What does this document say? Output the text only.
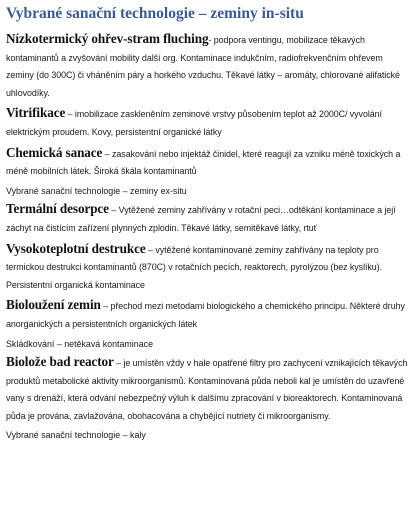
Vybrané sanační technologie – zeminy in-situ

Nízkotermický ohřev-stram fluching- podpora ventingu, mobilizace těkavých kontaminantů a zvyšování mobility další org. Kontaminace indukčním, radiofrekvenčním ohřevem zeminy (do 300C) či vháněním páry a horkého vzduchu. Těkavé látky – aromáty, chlorované alifatické uhlovodíky.

Vitrifikace – imobilizace zaskleněním zeminové vrstvy působením teplot až 2000C/ vyvolání elektrickým proudem. Kovy, persistentní organické látky

Chemická sanace – zasakování nebo injektáž činidel, které reagují za vzniku méně toxických a méně mobilních látek. Široká škála kontaminantů

Vybrané sanační technologie – zeminy ex-situ

Termální desorpce – Vytěžené zeminy zahřívány v rotační peci…odtěkání kontaminace a její záchyt na čistícím zařízení plynných zplodin. Těkavé látky, semitěkavé látky, rtuť

Vysokoteplotní destrukce – vytěžené kontaminované zeminy zahřívány na teploty pro termickou destrukci kontaminantů (870C) v rotačních pecích, reaktorech, pyrolýzou (bez kyslíku). Persistentní organická kontaminace

Bioloužení zemin – přechod mezi metodami biologického a chemického principu. Některé druhy anorganických a persistentních organických látek

Skládkování – netěkavá kontaminace

Biolože bad reactor – je umístěn vždy v hale opatřené filtry pro zachycení vznikajících těkavých produktů metabolické aktivity mikroorganismů. Kontaminovaná půda neboli kal je umístěn do uzavřené vany s drenáží, která odvání nebezpečný výluh k dalšímu zpracování v bioreaktorech. Kontaminovaná půda je prována, zavlažována, obohacována a chybějící nutriety či mikroorganismy.

Vybrané sanační technologie – kaly
